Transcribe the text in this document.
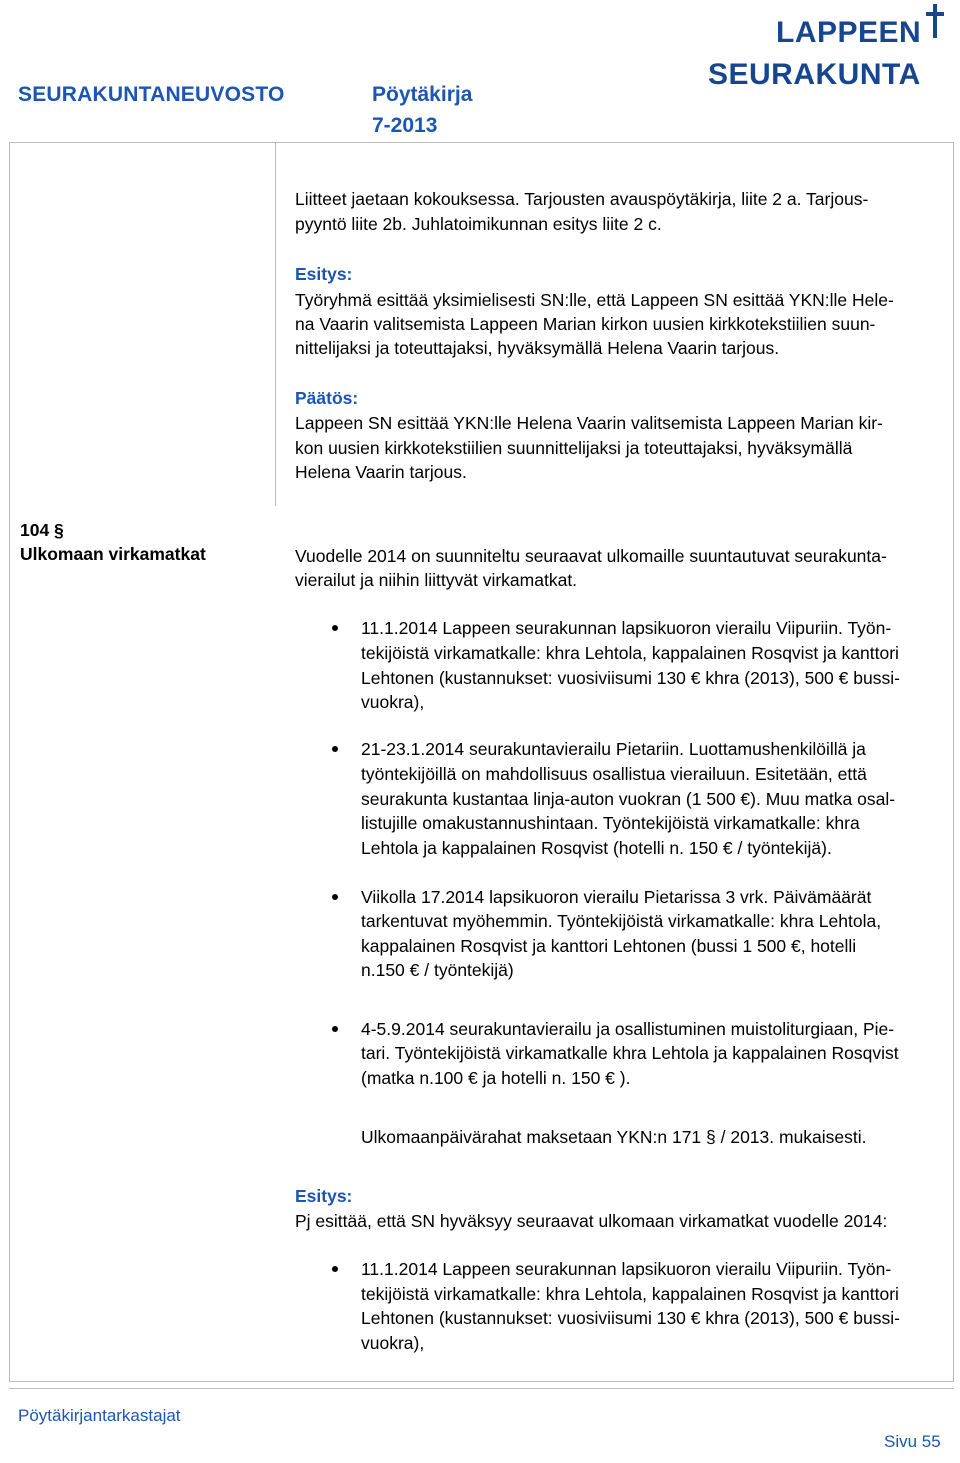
SEURAKUNTANEUVOSTO	Pöytäkirja
7-2013
LAPPEEN
SEURAKUNTA
Liitteet jaetaan kokouksessa. Tarjousten avauspöytäkirja, liite 2 a. Tarjous-
pyyntö liite 2b. Juhlatoimikunnan esitys liite 2 c.
Esitys:
Työryhmä esittää yksimielisesti SN:lle, että Lappeen SN esittää YKN:lle Hele-
na Vaarin valitsemista Lappeen Marian kirkon uusien kirkkotekstiilien suun-
nittelijaksi ja toteuttajaksi, hyväksymällä Helena Vaarin tarjous.
Päätös:
Lappeen SN esittää YKN:lle Helena Vaarin valitsemista Lappeen Marian kir-
kon uusien kirkkotekstiilien suunnittelijaksi ja toteuttajaksi, hyväksymällä
Helena Vaarin tarjous.
104 §
Ulkomaan virkamatkat	Vuodelle 2014 on suunniteltu seuraavat ulkomaille suuntautuvat seurakunta-
vierailut ja niihin liittyvät virkamatkat.
11.1.2014 Lappeen seurakunnan lapsikuoron vierailu Viipuriin. Työn-
tekijöistä virkamatkalle: khra Lehtola, kappalainen Rosqvist ja kanttori
Lehtonen (kustannukset: vuosiviisumi 130 € khra (2013), 500 € bussi-
vuokra),
21-23.1.2014 seurakuntavierailu Pietariin. Luottamushenkilöillä ja
työntekijöillä on mahdollisuus osallistua vierailuun. Esitetään, että
seurakunta kustantaa linja-auton vuokran (1 500 €). Muu matka osal-
listujille omakustannushintaan. Työntekijöistä virkamatkalle: khra
Lehtola ja kappalainen Rosqvist (hotelli n. 150 € / työntekijä).
Viikolla 17.2014 lapsikuoron vierailu Pietarissa 3 vrk. Päivämäärät
tarkentuvat myöhemmin. Työntekijöistä virkamatkalle: khra Lehtola,
kappalainen Rosqvist ja kanttori Lehtonen (bussi 1 500 €, hotelli
n.150 € / työntekijä)
4-5.9.2014 seurakuntavierailu ja osallistuminen muistoliturgiaan, Pie-
tari. Työntekijöistä virkamatkalle khra Lehtola ja kappalainen Rosqvist
(matka n.100 € ja hotelli n. 150 € ).
Ulkomaanpäivärahat maksetaan YKN:n 171 § / 2013. mukaisesti.
Esitys:
Pj esittää, että SN hyväksyy seuraavat ulkomaan virkamatkat vuodelle 2014:
11.1.2014 Lappeen seurakunnan lapsikuoron vierailu Viipuriin. Työn-
tekijöistä virkamatkalle: khra Lehtola, kappalainen Rosqvist ja kanttori
Lehtonen (kustannukset: vuosiviisumi 130 € khra (2013), 500 € bussi-
vuokra),
Pöytäkirjantarkastajat
Sivu 55
